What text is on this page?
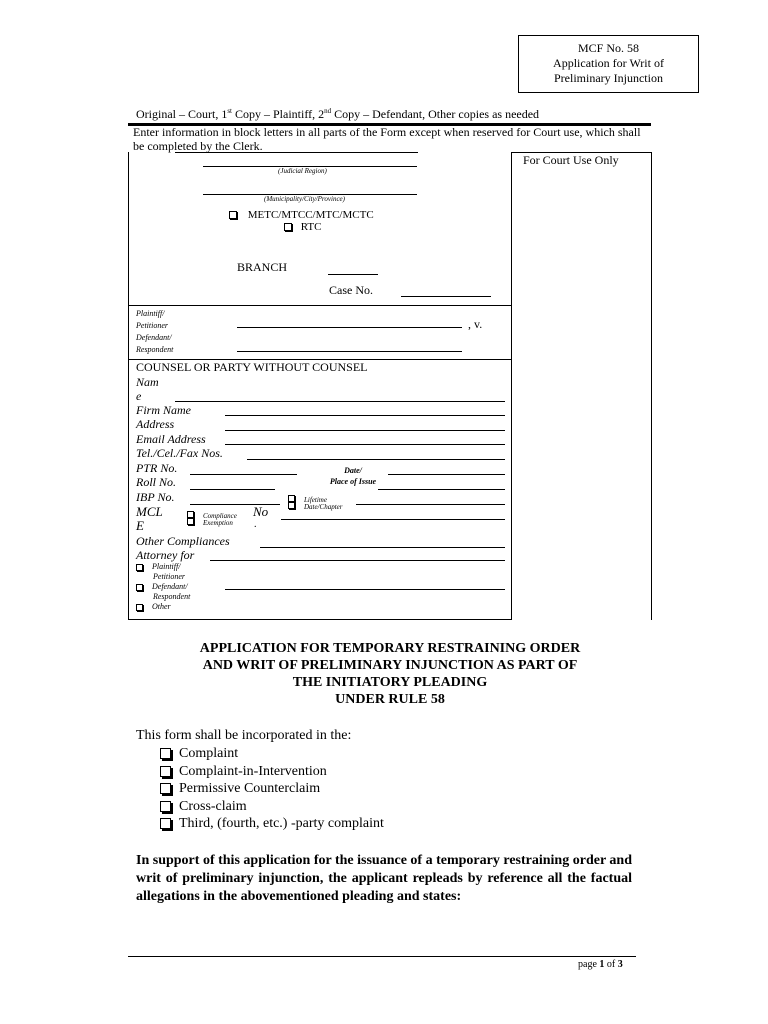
MCF No. 58
Application for Writ of
Preliminary Injunction
Original – Court, 1st Copy – Plaintiff, 2nd Copy – Defendant, Other copies as needed
Enter information in block letters in all parts of the Form except when reserved for Court use, which shall be completed by the Clerk.
For Court Use Only
(Judicial Region)
(Municipality/City/Province)
METC/MTCC/MTC/MCTC
RTC
BRANCH
Case No.
Plaintiff/
Petitioner
Defendant/
Respondent
, v.
COUNSEL OR PARTY WITHOUT COUNSEL
Nam
e
Firm Name
Address
Email Address
Tel./Cel./Fax Nos.
PTR No.
Roll No.
IBP No.
Date/
Place of Issue
Lifetime
Date/Chapter
MCL
E
Compliance
Exemption
No
.
Other Compliances
Attorney for
Plaintiff/
Petitioner
Defendant/
Respondent
Other
APPLICATION FOR TEMPORARY RESTRAINING ORDER
AND WRIT OF PRELIMINARY INJUNCTION AS PART OF
THE INITIATORY PLEADING
UNDER RULE 58
This form shall be incorporated in the:
Complaint
Complaint-in-Intervention
Permissive Counterclaim
Cross-claim
Third, (fourth, etc.) -party complaint
In support of this application for the issuance of a temporary restraining order and writ of preliminary injunction, the applicant repleads by reference all the factual allegations in the abovementioned pleading and states:
page 1 of 3
